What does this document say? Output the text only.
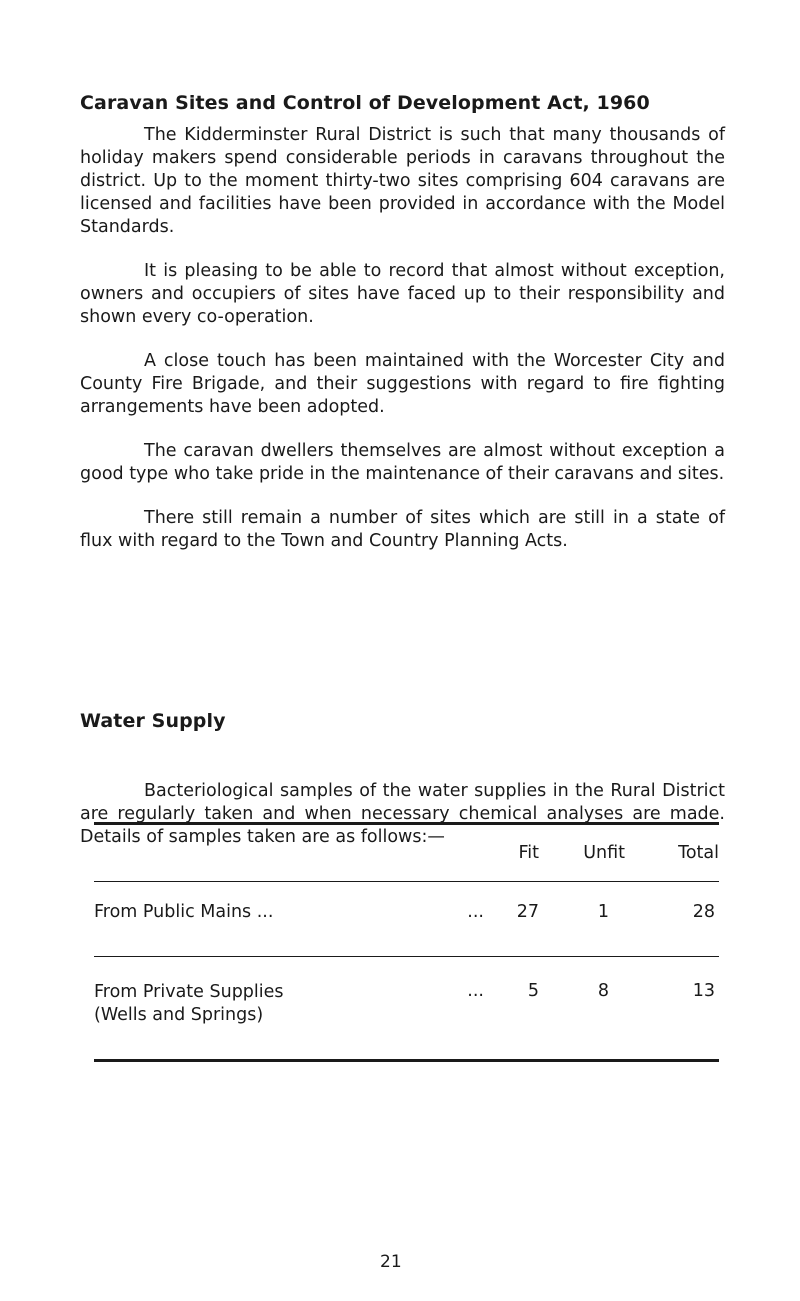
Caravan Sites and Control of Development Act, 1960

The Kidderminster Rural District is such that many thousands of holiday makers spend considerable periods in caravans throughout the district. Up to the moment thirty-two sites comprising 604 caravans are licensed and facilities have been provided in accordance with the Model Standards.

It is pleasing to be able to record that almost without exception, owners and occupiers of sites have faced up to their responsibility and shown every co-operation.

A close touch has been maintained with the Worcester City and County Fire Brigade, and their suggestions with regard to fire fighting arrangements have been adopted.

The caravan dwellers themselves are almost without exception a good type who take pride in the maintenance of their caravans and sites.

There still remain a number of sites which are still in a state of flux with regard to the Town and Country Planning Acts.

Water Supply

Bacteriological samples of the water supplies in the Rural District are regularly taken and when necessary chemical analyses are made. Details of samples taken are as follows:—

		Fit	Unfit	Total
From Public Mains ...	...	27	1	28

From Private Supplies
(Wells and Springs)	...	5	8	13

21
